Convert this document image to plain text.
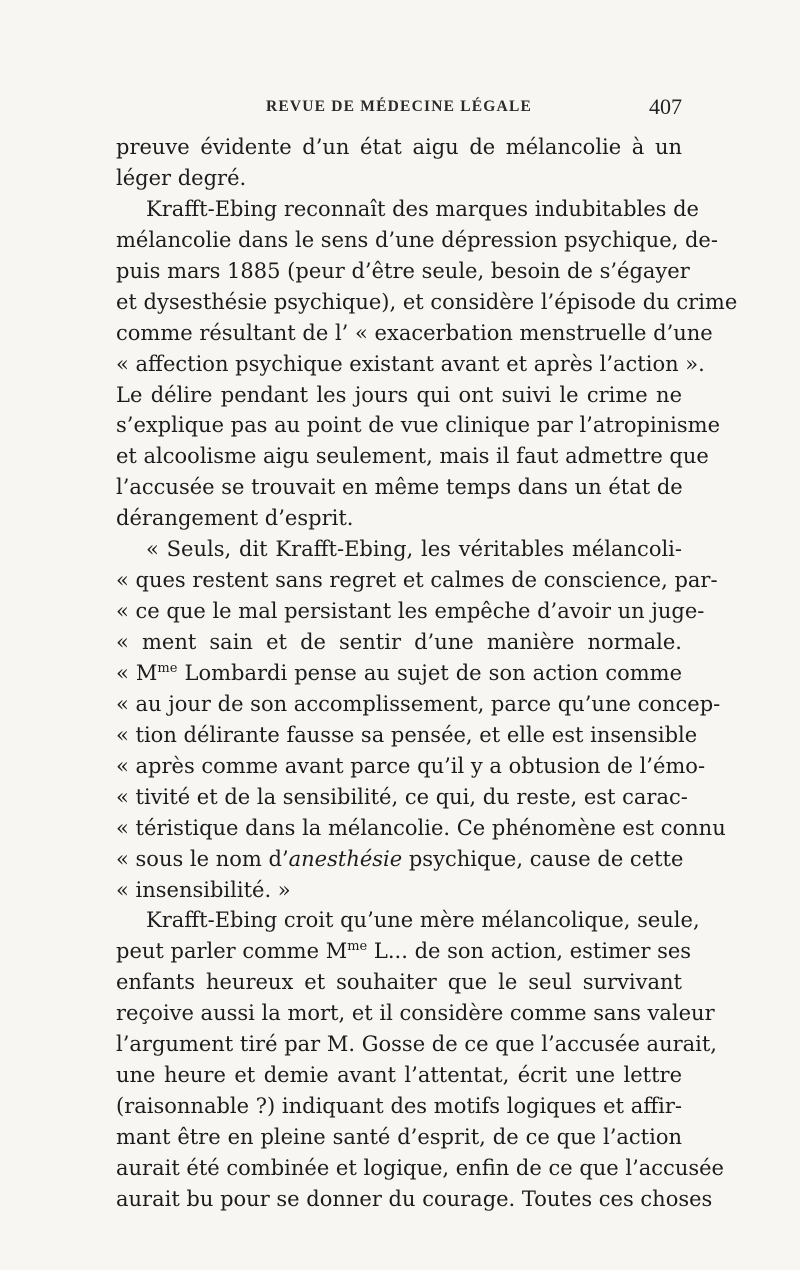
REVUE DE MÉDECINE LÉGALE	407
preuve évidente d’un état aigu de mélancolie à un
léger degré.
Krafft-Ebing reconnaît des marques indubitables de
mélancolie dans le sens d’une dépression psychique, de-
puis mars 1885 (peur d’être seule, besoin de s’égayer
et dysesthésie psychique), et considère l’épisode du crime
comme résultant de l’ « exacerbation menstruelle d’une
« affection psychique existant avant et après l’action ».
Le délire pendant les jours qui ont suivi le crime ne
s’explique pas au point de vue clinique par l’atropinisme
et alcoolisme aigu seulement, mais il faut admettre que
l’accusée se trouvait en même temps dans un état de
dérangement d’esprit.
« Seuls, dit Krafft-Ebing, les véritables mélancoli-
« ques restent sans regret et calmes de conscience, par-
« ce que le mal persistant les empêche d’avoir un juge-
« ment sain et de sentir d’une manière normale.
« $M^{me}$ Lombardi pense au sujet de son action comme
« au jour de son accomplissement, parce qu’une concep-
« tion délirante fausse sa pensée, et elle est insensible
« après comme avant parce qu’il y a obtusion de l’émo-
« tivité et de la sensibilité, ce qui, du reste, est carac-
« téristique dans la mélancolie. Ce phénomène est connu
« sous le nom d’anesthésie psychique, cause de cette
« insensibilité. »
Krafft-Ebing croit qu’une mère mélancolique, seule,
peut parler comme $M^{me}$ L... de son action, estimer ses
enfants heureux et souhaiter que le seul survivant
reçoive aussi la mort, et il considère comme sans valeur
l’argument tiré par M. Gosse de ce que l’accusée aurait,
une heure et demie avant l’attentat, écrit une lettre
(raisonnable ?) indiquant des motifs logiques et affir-
mant être en pleine santé d’esprit, de ce que l’action
aurait été combinée et logique, enfin de ce que l’accusée
aurait bu pour se donner du courage. Toutes ces choses
